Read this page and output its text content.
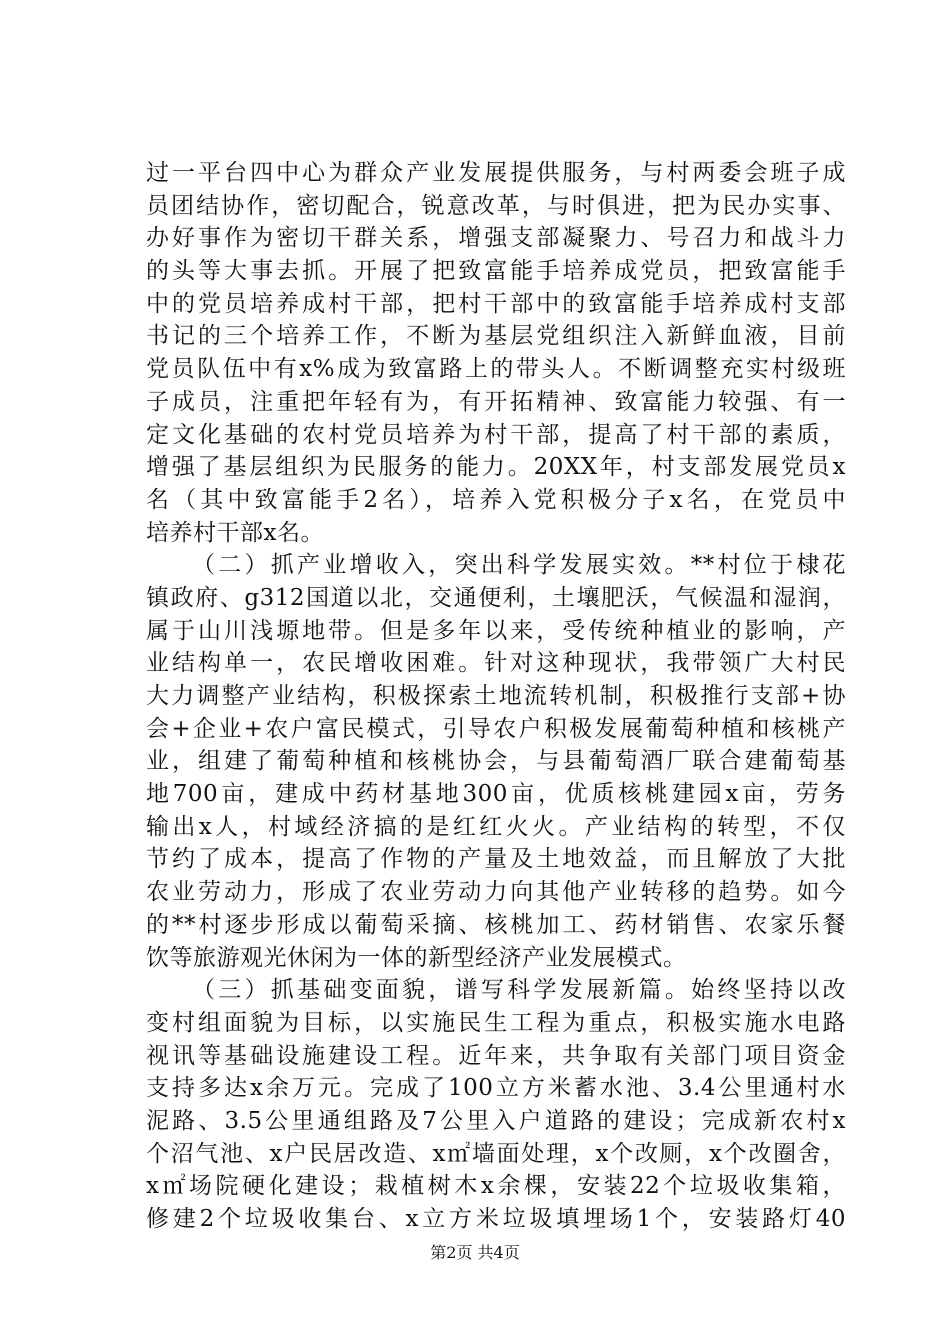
过一平台四中心为群众产业发展提供服务，与村两委会班子成
员团结协作，密切配合，锐意改革，与时俱进，把为民办实事、
办好事作为密切干群关系，增强支部凝聚力、号召力和战斗力
的头等大事去抓。开展了把致富能手培养成党员，把致富能手
中的党员培养成村干部，把村干部中的致富能手培养成村支部
书记的三个培养工作，不断为基层党组织注入新鲜血液，目前
党员队伍中有x%成为致富路上的带头人。不断调整充实村级班
子成员，注重把年轻有为，有开拓精神、致富能力较强、有一
定文化基础的农村党员培养为村干部，提高了村干部的素质，
增强了基层组织为民服务的能力。20XX年，村支部发展党员x
名（其中致富能手2名），培养入党积极分子x名，在党员中
培养村干部x名。
（二）抓产业增收入，突出科学发展实效。**村位于棣花
镇政府、g312国道以北，交通便利，土壤肥沃，气候温和湿润，
属于山川浅塬地带。但是多年以来，受传统种植业的影响，产
业结构单一，农民增收困难。针对这种现状，我带领广大村民
大力调整产业结构，积极探索土地流转机制，积极推行支部+协
会+企业+农户富民模式，引导农户积极发展葡萄种植和核桃产
业，组建了葡萄种植和核桃协会，与县葡萄酒厂联合建葡萄基
地700亩，建成中药材基地300亩，优质核桃建园x亩，劳务
输出x人，村域经济搞的是红红火火。产业结构的转型，不仅
节约了成本，提高了作物的产量及土地效益，而且解放了大批
农业劳动力，形成了农业劳动力向其他产业转移的趋势。如今
的**村逐步形成以葡萄采摘、核桃加工、药材销售、农家乐餐
饮等旅游观光休闲为一体的新型经济产业发展模式。
（三）抓基础变面貌，谱写科学发展新篇。始终坚持以改
变村组面貌为目标，以实施民生工程为重点，积极实施水电路
视讯等基础设施建设工程。近年来，共争取有关部门项目资金
支持多达x余万元。完成了100立方米蓄水池、3.4公里通村水
泥路、3.5公里通组路及7公里入户道路的建设；完成新农村x
个沼气池、x户民居改造、x㎡墙面处理，x个改厕，x个改圈舍，
x㎡场院硬化建设；栽植树木x余棵，安装22个垃圾收集箱，
修建2个垃圾收集台、x立方米垃圾填埋场1个，安装路灯40
第2页 共4页
